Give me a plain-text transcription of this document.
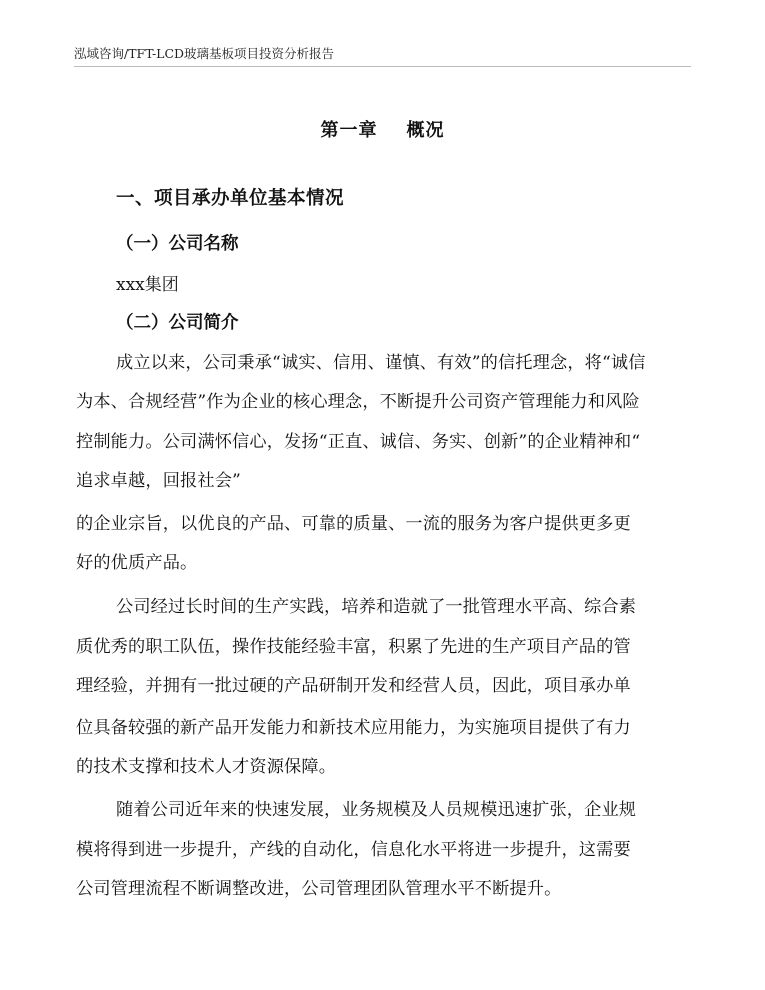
泓域咨询/TFT-LCD玻璃基板项目投资分析报告
第一章    概况
一、项目承办单位基本情况
（一）公司名称
xxx集团
（二）公司简介
成立以来，公司秉承“诚实、信用、谨慎、有效”的信托理念，将“诚信
为本、合规经营”作为企业的核心理念，不断提升公司资产管理能力和风险
控制能力。公司满怀信心，发扬“正直、诚信、务实、创新”的企业精神和“
追求卓越，回报社会”
的企业宗旨，以优良的产品、可靠的质量、一流的服务为客户提供更多更
好的优质产品。
公司经过长时间的生产实践，培养和造就了一批管理水平高、综合素
质优秀的职工队伍，操作技能经验丰富，积累了先进的生产项目产品的管
理经验，并拥有一批过硬的产品研制开发和经营人员，因此，项目承办单
位具备较强的新产品开发能力和新技术应用能力，为实施项目提供了有力
的技术支撑和技术人才资源保障。
随着公司近年来的快速发展，业务规模及人员规模迅速扩张，企业规
模将得到进一步提升，产线的自动化，信息化水平将进一步提升，这需要
公司管理流程不断调整改进，公司管理团队管理水平不断提升。
